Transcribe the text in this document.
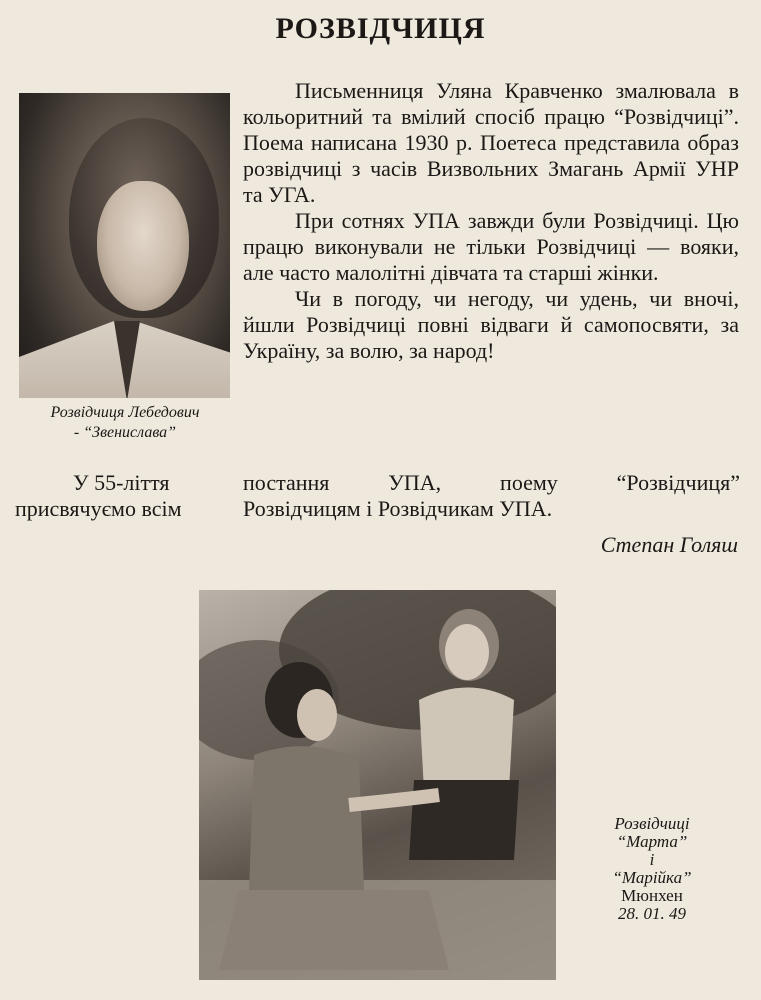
РОЗВІДЧИЦЯ
Розвідчиця Лебедович
- “Звенислава”

Письменниця Уляна Кравченко змалювала в кольоритний та вмілий спосіб працю “Розвідчиці”. Поема написана 1930 р. Поетеса представила образ розвідчиці з часів Визвольних Змагань Армії УНР та УГА.

При сотнях УПА завжди були Розвідчиці. Цю працю виконували не тільки Розвідчиці — вояки, але часто малолітні дівчата та старші жінки.

Чи в погоду, чи негоду, чи удень, чи вночі, йшли Розвідчиці повні відваги й самопосвяти, за Україну, за волю, за народ!

У 55-ліття	постання УПА, поему “Розвідчиця”
присвячуємо всім	Розвідчицям і Розвідчикам УПА.
Степан Голяш
Розвідчиці
“Марта”
і
“Марійка”
Мюнхен
28. 01. 49
